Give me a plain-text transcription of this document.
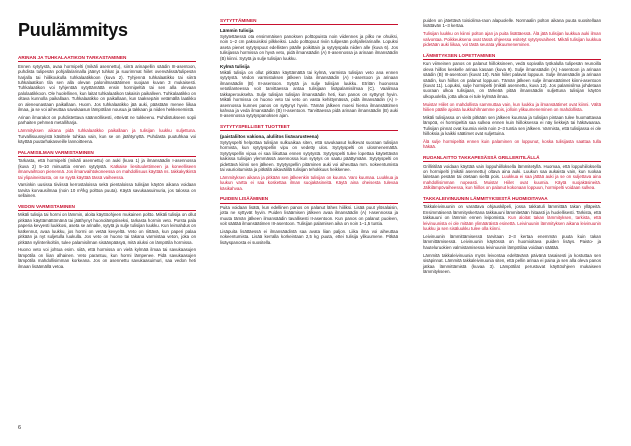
Puulämmitys
ARINAN JA TUHKALAATIKON TARKASTAMINEN

Ennen sytytystä, avaa hormipelti (mikäli asennettu), siirrä arinapellin säädin III-asentoon, puhdista tulipesän pohjalla/arinalla jäänyt tuhkat ja suurimmat hiilet ovenvälissä/tulipesän harjalla tai hiilikoukulla tuhkalaatikkoon (kuva 2). Tyhjennä tuhkalaatikko tai siirrä tuhkalaatikon tila sen alla olevan palonilmasäätimen suojaan kuvan 3 mukaisesti. Tuhkalaatikon voi tyhjentää sytyttämättä ensin hormipeltiä tai sen alla olevaan palolaatikkoon. Ole huolellinen, kun laitat tuhkalaatikon takaisin paikalleen. Tuhkalaatikko on oltava kunnolla paikallaan. Tuhkalaatikko on paikallaan, kun taaksepäin vetämällä laatikko on aleneunastaan paikallaan. Huom. Jos tuhkalaatikko jää auki, päästään menee liikaa ilmaa, ja se voi aiheuttaa savukaasun lämpötilan nousua ja takkaan ja niiden hekkenemistä.

Arinan ilmarakot on puhdistettava säännöllisesti, etteivät ne tukkeenu. Puhdistukseen sopii parhaiten pehmeä metalliharja.

Lämmityksen aikana pidä tuhkalaatikko paikallaan ja tulisijan luukku suljettuna. Turvallisuussyistä käsittele tuhkaa vain, kun se on jäähtynyttä. Puhdasta puutuhkaa voi käyttää puutarhakasveille lannoitteena.

PALAMISILMAN VARMISTAMINEN

Tarkasta, että hormipelti (mikäli asennettu) on auki (kuva 1) ja ilmansäädin I-asennossa (kuva 2) 5–10 minuuttia ennen sytytystä. Katkaise liesituulettimeen ja koneelliseen ilmanvaihtoon pienennä. Jos ilmanvaihtokoneessa on mahdollisuus käyttää ns. takkakytkintä tai ylipaineistusta, on se syytä käyttää tässä vaiheessa.

Varsinkin uusissa tiiviissä kerrostaloissa sekä pientaloissa tulisijan käytön aikana voidaan tarvita korvausilmaa (noin 10 m³/kg polttoa puuta). Käytä savukaasuimuria, jos talossa on sellainen.

VEDON VARMISTAMINEN

Mikäli tulisija tai hormi on lämmin, aloita käyttöohjeen mukainen poltto. Mikäli tulisija on ollut pitkään käyttämättömänä tai jääthynyt huonolämpöiseksi, tarkasta hormin veto. Pursta pala paperia kevyesti luukkosi, aseta se arinalle, sytytä ja sulje tulisijan luukku. Kun leimahdus on katkennut, avaa luukku, jos hormi on vetää kevyeltä. Veto on riittävä, kun paperi palaa pitkään ja nyt suljetulla luukulla. Jos veto on huono tai takana varmistaa veton, joka on pitkään sylinterikoltiin, tulee palamisilman sisäänpääsyä, mitä aluksi on lämpötila hormissa.

Huono veto voi johtua esim. siitä, että hormissa on vielä kylmää ilmaa tai savukaasujen lämpötila on liian alhainen. Veto parantuu, kun hormi lämpenee. Pidä savukaasujen lämpötila mahdollisimman korkeana. Jos on asennettu savukaasuimuri, saa vedon heti ilmaan lisäämällä vetoa.

SYTYTTÄMINEN
Lämmin tulisija

Sytytettäessä ota ensimmäisen panoksen polttopuista noin viidennes ja pilko ne ohuiksi, noin 1–2 cm paksuisiksi pilkkeiksi. Lado polttopuut riviin tulipesän pohjalle/arinalle. Lopuksi aseta pienet sytytyspuut edellisten päälle poikittain ja sytytyspala niiden alle (kuva 6). Jos tulisijassa hormissa on hyvä veto, pidä ilmansäädin (A) II-asennossa ja arinaan ilmansäädin (B) kiinni. Sytytä ja sulje tulisijan luukku.

Kylmä tulisija

Mikäli tulisija on ollut pitkään käyttämättä tai kylmä, varmista tulisijan veto ana ennen sytytystä. Vedon varmistuksen jälkeen laita ilmansäädin (A) I-asentoon ja arinaan ilmansäädin (B) III-asentoon. Sytytä ja sulje tulisijan luukku. Etritän huonossa vetotilanteessa voit tarvittaessa antaa tulisijaan lisäpalamisilmaa (C). Vaalimaa takkaperoukselta. Sulje tulisijan tulisijan ilmansäädin heti, kun panos on syttynyt hyvin. Mikäli hormissa on huono veto tai veto on vasta kehittymässä, pidä ilmansäädin (A) I-asennossa kunnes panos on syttynyt hyvin. Tämän jälkeen moesi hiema ilmansäätimen kahvaa ja veda ilmansäädin (B) II-asentoon. Tarvittaessa pidä arinaan ilmansäädin (B) auki II-asennossa sytytyspanoksen ajan.

SYTYTYSPELLISET TUOTTEET
(paistaliitos vakiona, aluliitos lisävarusteena)

Sytytyspelti helpottaa tulisijan sulkuaikaa siten, että savukaasut kulkevat suoraan tulisijan hormista, kun sytytyspellin vipu on vedetty ulos. Sytytyspelti on ulosmenemättä. Sytytyspellin vipua ei saa liikuttaa ennen sytytystä. Sytytyspelti tulee lopettaa käytettävän kaikissa tulisijan ylemmässä asennossa kun sytytys on saatu päättymään. Sytytyspelti on pidettävä kiinni sen jälkeen. Sytytyspellin pitäminen auki voi aiheuttaa mm. nokeentumista tai vaurioitumista ja pitkällä aikavälillä tulisijan tehokkuus heikkenee.

Lämmityksen aikana ja pitkään sen jälkeenkin tulisijan on kuuma. Varo kuumaa. Luukkua ja luukun vartta ei saa koskettaa ilman suojakäsineitä. Käytä aina oheisesta tulevaa käsikahvaa.

PUIDEN LISÄÄMINEN

Puita voidaan lisätä, kun edellinen panos on palanut lähes hiiliksi. Lisää puut ylösalaisin, jotta ne syttyvät hyvin. Puiden lisäämisen jälkeen avaa ilmansäädin (A) I-asennossa ja muuta tämän jälkeen ilmansäädin tavallisesti II-asentoon. Kun panos on palanut puoleen, voit säätää ilmansäätimen III-asentoon. Tulisijan palamisen aika on noin 1–1,5 tuntia.

Lisäpuita lisättäessä ei ilmansäädintä saa avata liian paljon. Liika ilma voi aiheuttaa nokeentumista. Lisää kerralla korkeintaan 2,5 kg puuta, ettei tulisija ylikuumene. Pitkää lisäyspanosta ei suositella.

puiden on jätettävä toisiolima-raon alapuolelle. Normaalin polton aikana puuta suositellaan lisättävän 1–3 kertaa.

Tulisijan luukku on kiinni polton ajan ja puita lisättäessä. Älä jätä tulisijan luukkua auki ilman valvontaa. Poikkeuksena ovat tässä ohjeessa esitetyt sytytysvaiheet. Mikäli tulisijan luukkua pidetään auki liikaa, voi tästä seurata ylikuumeneminen.

LÄMMITYKSEN LOPETTAMINEN

Kun viimeinen panos on palanut hiilloksineen, vedä sopivalla työkalulla tulipesän reunoilla oleva hiillos keskelle arinaa kasaan (kuva 9). Sulje ilmansäädin (A) I-asentoon ja arinaan säädin (B) III-asentoon (kuvat 10). Näin hiilet palavat loppuun. Sulje ilmansäädin ja arinaan säädin, kun hiillos on palanut loppuun. Tämän jälkeen sulje ilmansäätimet kiinni-asentoon (kuvat 11). Lopuksi, sulje hormipelti (mikäli asennettu, kuva 12). Jos palamisilma johdetaan suoraan ulkoa tulisijaan, on tärkeää pitää ilmansäädin suljettuna tulisijan käytön ulkopuolella, jotta ulkoa ei tule kylmää ilmaa.

Muista! Hiilet on mahdollista sammuttaa vain, kun luukku ja ilmansäätimet ovat kiinni. Vältä hiilien päälle ajoista luukkuhihnamme pois, jolloin ylikuumeneminen on mahdollista.

Mikäli tulisijassa on vielä pitkään sen jälkeen kuumaa ja tulisijan pintaan tulee huomattavaa lämpöä, ei hormipeltiä saa sulkea ennen kuin hiilloksessa ei näy liekkejä tai häkävaaraa. Tulisijan pinnat ovat kuumia vielä noin 2–3 tuntia sen jälkeen. Varmista, että tulisijassa ei ole hiilloksia ja kaikki säätimet ovat suljettuina.

Älä sulje hormipeltiä ennen kuin palaminen on loppunut, koska tulisijasta saattaa tulla häkää.

RUOANLAITTO TAKKAPESÄSSÄ GRILLERITILÄLLÄ

Grilliritilää voidaan käyttää vain loppuhiilloksella lämmitetyllä. Huomaa, että loppuhiiloksella on hormipelti (mikäli asennettu) oltava aina auki. Luukun saa aukaista vain, kun ruokaa laitetaan pesään tai otetaan sieltä pois. Luukkua ei saa jättää auki ja se on suljettava aina mahdollisimman nopeasti. Muista! Hiilet ovat kuumia. Käytä suojakäsineitä. Jälkilämpövaiheessa, kun hiillos on palanut kokonaan loppuun, hormipelti voidaan sulkea.

TAKKALEIVINUUNIN LÄMMITYKSESTÄ HUOMIOITAVAA

Takkaleivinuunin on varattava ohjauskilpeli, jossa takkatuli lämmittää takan ylläpeitä. Ensimmäisenä lämmityskertana takkauuni lämmitetään hitaasti ja huolellisesti. Tarkista, että takkauuni on lämmin ennen leipomista. Kun aloitat takan lämmityksen, tarkista, että leivinuunista ei ole mitään ylimääräistä esinettä. Leivinuunin lämmityksen aikana leivinuunin luukku ja sen sisäluukku tulee olla kiinni.

Leivinuunin lämmittämisessä tarvitaan 2–3 kertaa enemmän puuta kuin takan lämmittämisessä. Leivinuunin käytössä on huomioitava puiden lisäys. Paisto- ja hauteluruokien valmistamisessa leivinuunin lämpötilaa voidaan säätää.

Lämmitä takkaleivinuunia myös leivontaa edeltävänä päivänä tasaisesti ja kostuttaa sen sisäpinnat. Lämmitä takkaleivinuunia siten, että pellin arinaa ei paina ja sen alla oleva panos jatkaa lämmittämistä (kuvaa 3). Lämpötilat perustuvat käyttöohjeen mukaiseen lämmitykseen.

6
